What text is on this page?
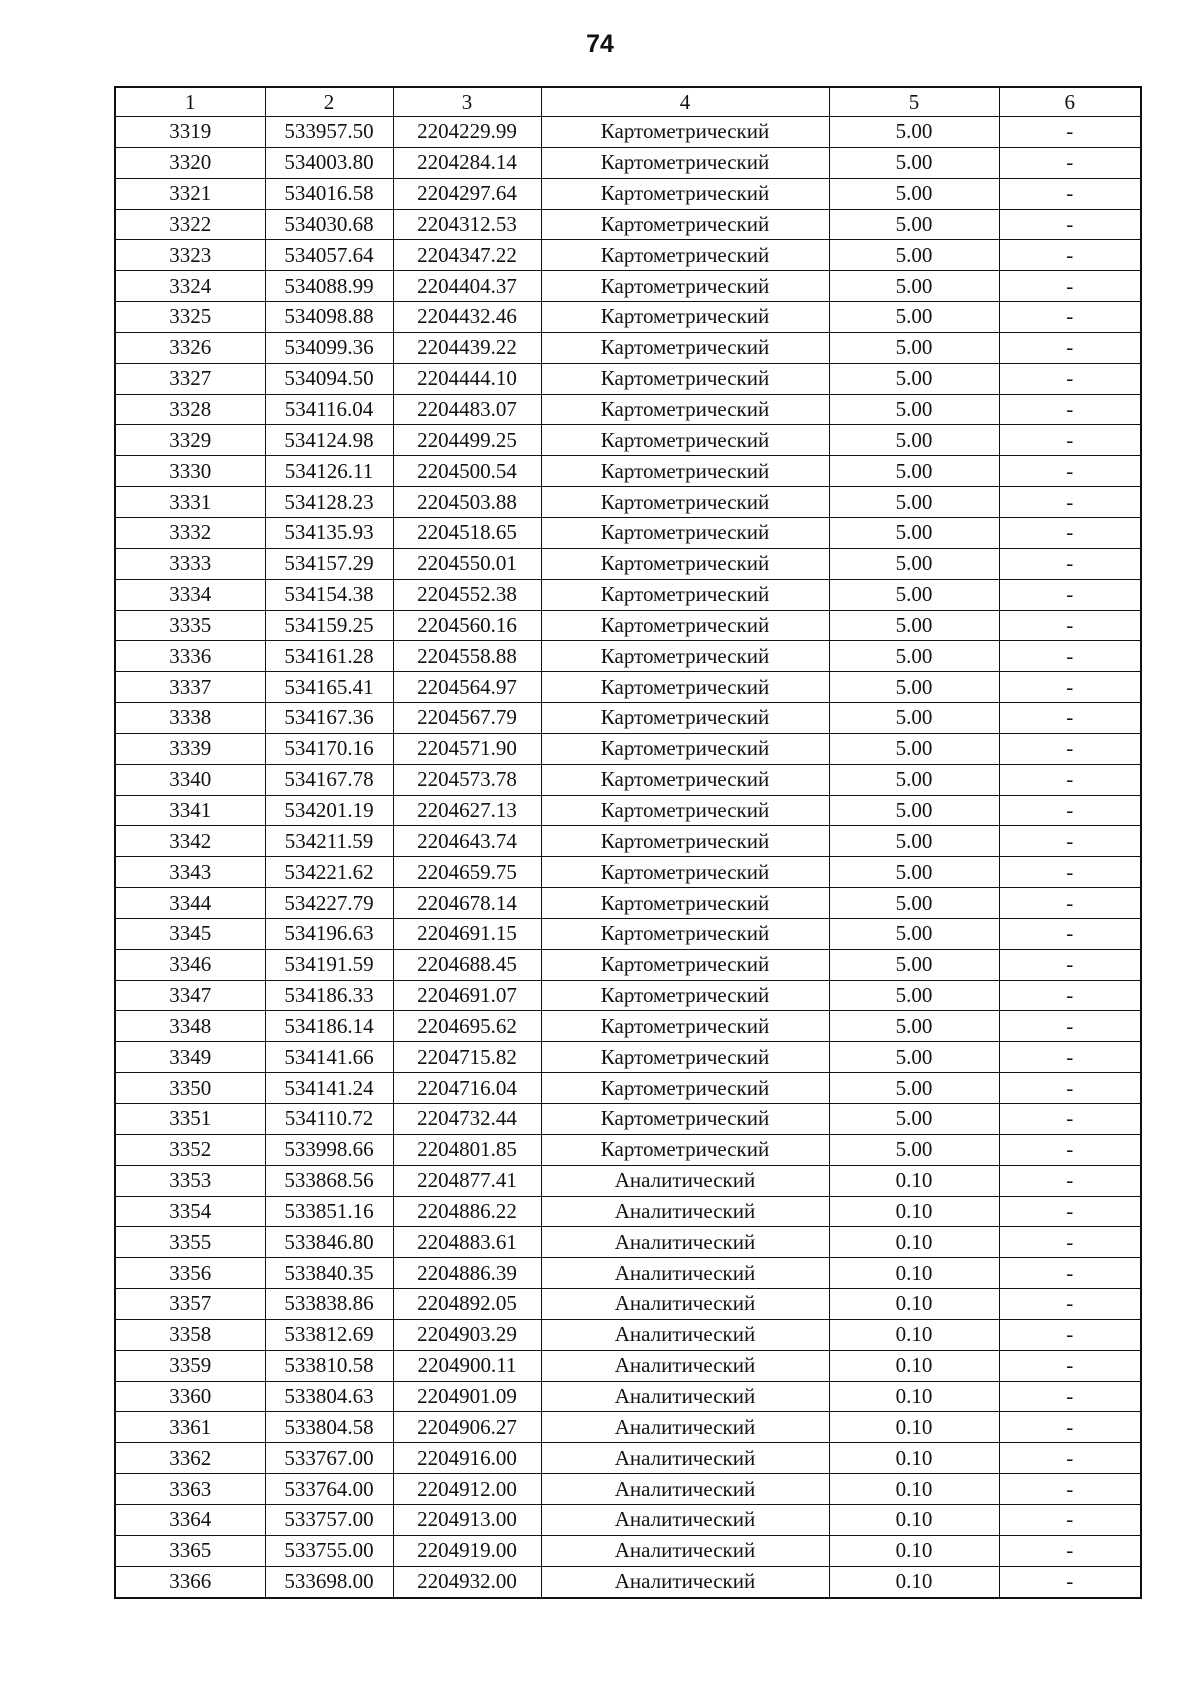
74
1	2	3	4	5	6
3319	533957.50	2204229.99	Картометрический	5.00	-
3320	534003.80	2204284.14	Картометрический	5.00	-
3321	534016.58	2204297.64	Картометрический	5.00	-
3322	534030.68	2204312.53	Картометрический	5.00	-
3323	534057.64	2204347.22	Картометрический	5.00	-
3324	534088.99	2204404.37	Картометрический	5.00	-
3325	534098.88	2204432.46	Картометрический	5.00	-
3326	534099.36	2204439.22	Картометрический	5.00	-
3327	534094.50	2204444.10	Картометрический	5.00	-
3328	534116.04	2204483.07	Картометрический	5.00	-
3329	534124.98	2204499.25	Картометрический	5.00	-
3330	534126.11	2204500.54	Картометрический	5.00	-
3331	534128.23	2204503.88	Картометрический	5.00	-
3332	534135.93	2204518.65	Картометрический	5.00	-
3333	534157.29	2204550.01	Картометрический	5.00	-
3334	534154.38	2204552.38	Картометрический	5.00	-
3335	534159.25	2204560.16	Картометрический	5.00	-
3336	534161.28	2204558.88	Картометрический	5.00	-
3337	534165.41	2204564.97	Картометрический	5.00	-
3338	534167.36	2204567.79	Картометрический	5.00	-
3339	534170.16	2204571.90	Картометрический	5.00	-
3340	534167.78	2204573.78	Картометрический	5.00	-
3341	534201.19	2204627.13	Картометрический	5.00	-
3342	534211.59	2204643.74	Картометрический	5.00	-
3343	534221.62	2204659.75	Картометрический	5.00	-
3344	534227.79	2204678.14	Картометрический	5.00	-
3345	534196.63	2204691.15	Картометрический	5.00	-
3346	534191.59	2204688.45	Картометрический	5.00	-
3347	534186.33	2204691.07	Картометрический	5.00	-
3348	534186.14	2204695.62	Картометрический	5.00	-
3349	534141.66	2204715.82	Картометрический	5.00	-
3350	534141.24	2204716.04	Картометрический	5.00	-
3351	534110.72	2204732.44	Картометрический	5.00	-
3352	533998.66	2204801.85	Картометрический	5.00	-
3353	533868.56	2204877.41	Аналитический	0.10	-
3354	533851.16	2204886.22	Аналитический	0.10	-
3355	533846.80	2204883.61	Аналитический	0.10	-
3356	533840.35	2204886.39	Аналитический	0.10	-
3357	533838.86	2204892.05	Аналитический	0.10	-
3358	533812.69	2204903.29	Аналитический	0.10	-
3359	533810.58	2204900.11	Аналитический	0.10	-
3360	533804.63	2204901.09	Аналитический	0.10	-
3361	533804.58	2204906.27	Аналитический	0.10	-
3362	533767.00	2204916.00	Аналитический	0.10	-
3363	533764.00	2204912.00	Аналитический	0.10	-
3364	533757.00	2204913.00	Аналитический	0.10	-
3365	533755.00	2204919.00	Аналитический	0.10	-
3366	533698.00	2204932.00	Аналитический	0.10	-
